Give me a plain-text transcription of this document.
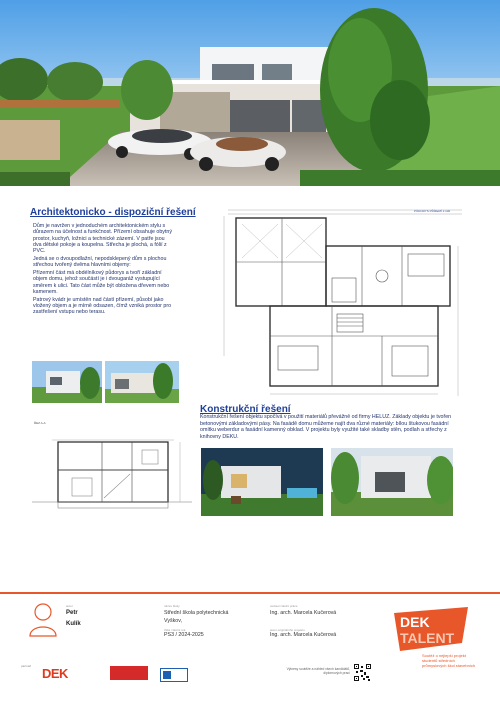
Architektonicko - dispoziční řešení

Dům je navržen v jednoduchém architektonickém stylu s důrazem na účelnost a funkčnost. Přízemí obsahuje obytný prostor, kuchyň, ložnici a technické zázemí. V patře jsou dva dětské pokoje a koupelna. Střecha je plochá, a fólií z PVC.

Jedná se o dvoupodlažní, nepodsklepený dům s plochou střechou tvořený dvěma hlavními objemy:

Přízemní část má obdélníkový půdorys a tvoří základní objem domu, jehož součástí je i dvougaráž vystupující směrem k ulici. Tato část může být obložena dřevem nebo kamenem.

Patrový kvádr je umístěn nad částí přízemí, působí jako vložený objem a je mírně odsazen, čímž vzniká prostor pro zastřešení vstupu nebo terasu.

PŮDORYS PŘÍZEMÍ 1:100
ŘEZ A-A
Konstrukční řešení
Konstrukční řešení objektu spočívá v použití materiálů převážně od firmy HELUZ. Základy objektu je tvořen betonovými základovými pásy. Na fasádě domu můžeme najít dva různé materiály: bílou štukovou fasádní omítku weberdur a fasádní kamenný obklad. V projektu byly využité také skladby stěn, podlah a střechy z knihovny DEKU.
autor
Petr
Kulík
název školy
Střední škola polytechnická
Vyškov,
třída / školní rok
PS3 / 2024-2025
vedoucí školní práce
Ing. arch. Marcela Kučerová
autor originálního projektu
Ing. arch. Marcela Kučerová
DEK
TALENT
Soutěž o nejlepší projekt studentů středních průmyslových škol stavebních
partneři DEK	Výkresy soutěže a náhled všech kandidátů, diplomových prací
